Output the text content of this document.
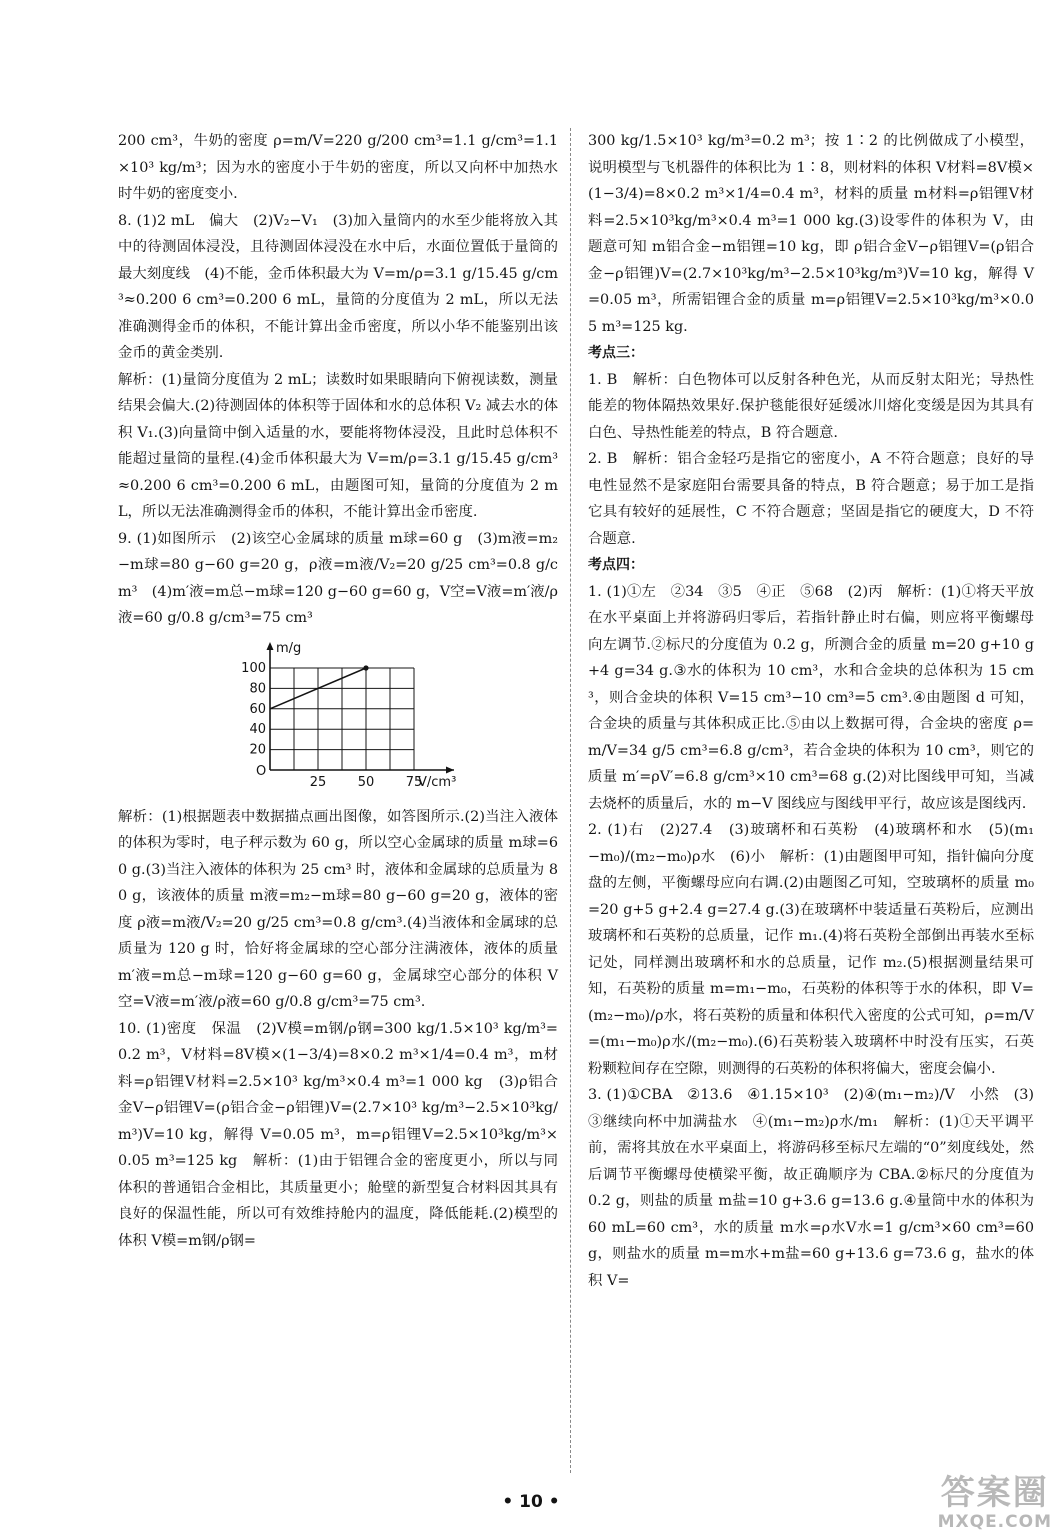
200 cm³，牛奶的密度 ρ=m/V=220 g/200 cm³=1.1 g/cm³=1.1×10³ kg/m³；因为水的密度小于牛奶的密度，所以又向杯中加热水时牛奶的密度变小.

8. (1)2 mL　偏大　(2)V₂−V₁　(3)加入量筒内的水至少能将放入其中的待测固体浸没，且待测固体浸没在水中后，水面位置低于量筒的最大刻度线　(4)不能，金币体积最大为 V=m/ρ=3.1 g/15.45 g/cm³≈0.200 6 cm³=0.200 6 mL，量筒的分度值为 2 mL，所以无法准确测得金币的体积，不能计算出金币密度，所以小华不能鉴别出该金币的黄金类别.

解析：(1)量筒分度值为 2 mL；读数时如果眼睛向下俯视读数，测量结果会偏大.(2)待测固体的体积等于固体和水的总体积 V₂ 减去水的体积 V₁.(3)向量筒中倒入适量的水，要能将物体浸没，且此时总体积不能超过量筒的量程.(4)金币体积最大为 V=m/ρ=3.1 g/15.45 g/cm³≈0.200 6 cm³=0.200 6 mL，由题图可知，量筒的分度值为 2 mL，所以无法准确测得金币的体积，不能计算出金币密度.

9. (1)如图所示　(2)该空心金属球的质量 m球=60 g　(3)m液=m₂−m球=80 g−60 g=20 g，ρ液=m液/V₂=20 g/25 cm³=0.8 g/cm³　(4)m′液=m总−m球=120 g−60 g=60 g，V空=V液=m′液/ρ液=60 g/0.8 g/cm³=75 cm³

20
40
60
80
100
25 50 75
O
m/g
V/cm³

解析：(1)根据题表中数据描点画出图像，如答图所示.(2)当注入液体的体积为零时，电子秤示数为 60 g，所以空心金属球的质量 m球=60 g.(3)当注入液体的体积为 25 cm³ 时，液体和金属球的总质量为 80 g，该液体的质量 m液=m₂−m球=80 g−60 g=20 g，液体的密度 ρ液=m液/V₂=20 g/25 cm³=0.8 g/cm³.(4)当液体和金属球的总质量为 120 g 时，恰好将金属球的空心部分注满液体，液体的质量 m′液=m总−m球=120 g−60 g=60 g，金属球空心部分的体积 V空=V液=m′液/ρ液=60 g/0.8 g/cm³=75 cm³.

10. (1)密度　保温　(2)V模=m钢/ρ钢=300 kg/1.5×10³ kg/m³=0.2 m³，V材料=8V模×(1−3/4)=8×0.2 m³×1/4=0.4 m³，m材料=ρ铝锂V材料=2.5×10³ kg/m³×0.4 m³=1 000 kg　(3)ρ铝合金V−ρ铝锂V=(ρ铝合金−ρ铝锂)V=(2.7×10³ kg/m³−2.5×10³kg/m³)V=10 kg，解得 V=0.05 m³，m=ρ铝锂V=2.5×10³kg/m³×0.05 m³=125 kg　解析：(1)由于铝锂合金的密度更小，所以与同体积的普通铝合金相比，其质量更小；舱壁的新型复合材料因其具有良好的保温性能，所以可有效维持舱内的温度，降低能耗.(2)模型的体积 V模=m钢/ρ钢=

300 kg/1.5×10³ kg/m³=0.2 m³；按 1∶2 的比例做成了小模型，说明模型与飞机器件的体积比为 1∶8，则材料的体积 V材料=8V模×(1−3/4)=8×0.2 m³×1/4=0.4 m³，材料的质量 m材料=ρ铝锂V材料=2.5×10³kg/m³×0.4 m³=1 000 kg.(3)设零件的体积为 V，由题意可知 m铝合金−m铝锂=10 kg，即 ρ铝合金V−ρ铝锂V=(ρ铝合金−ρ铝锂)V=(2.7×10³kg/m³−2.5×10³kg/m³)V=10 kg，解得 V=0.05 m³，所需铝锂合金的质量 m=ρ铝锂V=2.5×10³kg/m³×0.05 m³=125 kg.

考点三：

1. B　解析：白色物体可以反射各种色光，从而反射太阳光；导热性能差的物体隔热效果好.保护毯能很好延缓冰川熔化变缓是因为其具有白色、导热性能差的特点，B 符合题意.

2. B　解析：铝合金轻巧是指它的密度小，A 不符合题意；良好的导电性显然不是家庭阳台需要具备的特点，B 符合题意；易于加工是指它具有较好的延展性，C 不符合题意；坚固是指它的硬度大，D 不符合题意.

考点四：

1. (1)①左　②34　③5　④正　⑤68　(2)丙　解析：(1)①将天平放在水平桌面上并将游码归零后，若指针静止时右偏，则应将平衡螺母向左调节.②标尺的分度值为 0.2 g，所测合金的质量 m=20 g+10 g+4 g=34 g.③水的体积为 10 cm³，水和合金块的总体积为 15 cm³，则合金块的体积 V=15 cm³−10 cm³=5 cm³.④由题图 d 可知，合金块的质量与其体积成正比.⑤由以上数据可得，合金块的密度 ρ=m/V=34 g/5 cm³=6.8 g/cm³，若合金块的体积为 10 cm³，则它的质量 m′=ρV′=6.8 g/cm³×10 cm³=68 g.(2)对比图线甲可知，当减去烧杯的质量后，水的 m−V 图线应与图线甲平行，故应该是图线丙.

2. (1)右　(2)27.4　(3)玻璃杯和石英粉　(4)玻璃杯和水　(5)(m₁−m₀)/(m₂−m₀)ρ水　(6)小　解析：(1)由题图甲可知，指针偏向分度盘的左侧，平衡螺母应向右调.(2)由题图乙可知，空玻璃杯的质量 m₀=20 g+5 g+2.4 g=27.4 g.(3)在玻璃杯中装适量石英粉后，应测出玻璃杯和石英粉的总质量，记作 m₁.(4)将石英粉全部倒出再装水至标记处，同样测出玻璃杯和水的总质量，记作 m₂.(5)根据测量结果可知，石英粉的质量 m=m₁−m₀，石英粉的体积等于水的体积，即 V=(m₂−m₀)/ρ水，将石英粉的质量和体积代入密度的公式可知，ρ=m/V=(m₁−m₀)ρ水/(m₂−m₀).(6)石英粉装入玻璃杯中时没有压实，石英粉颗粒间存在空隙，则测得的石英粉的体积将偏大，密度会偏小.

3. (1)①CBA　②13.6　④1.15×10³　(2)④(m₁−m₂)/V　小然　(3)③继续向杯中加满盐水　④(m₁−m₂)ρ水/m₁　解析：(1)①天平调平前，需将其放在水平桌面上，将游码移至标尺左端的“0”刻度线处，然后调节平衡螺母使横梁平衡，故正确顺序为 CBA.②标尺的分度值为 0.2 g，则盐的质量 m盐=10 g+3.6 g=13.6 g.④量筒中水的体积为 60 mL=60 cm³，水的质量 m水=ρ水V水=1 g/cm³×60 cm³=60 g，则盐水的质量 m=m水+m盐=60 g+13.6 g=73.6 g，盐水的体积 V=

• 10 •	答案圈
MXQE.COM
